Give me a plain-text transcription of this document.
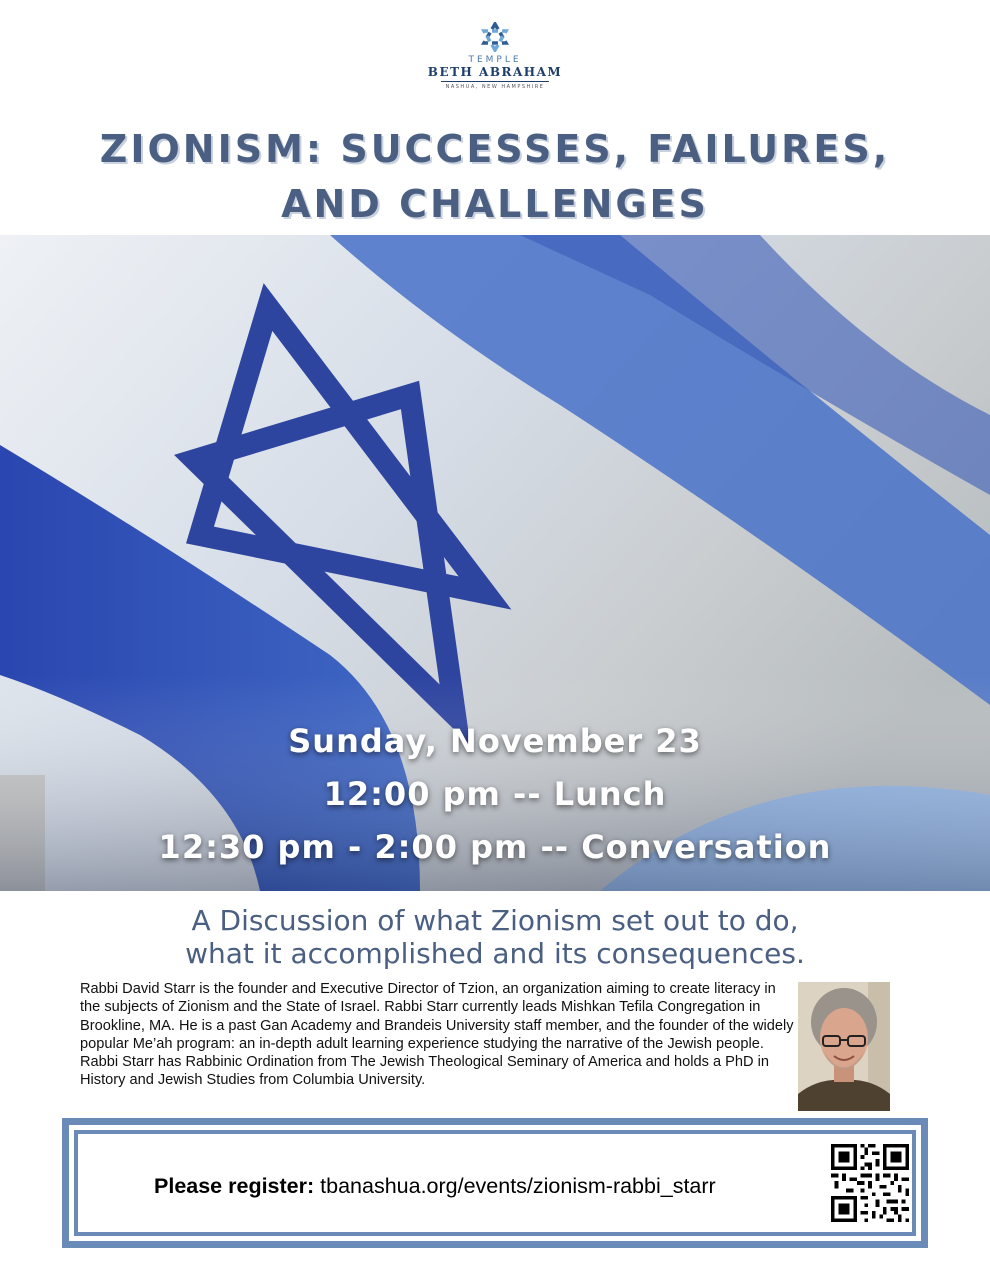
TEMPLE
BETH ABRAHAM
NASHUA, NEW HAMPSHIRE
ZIONISM: SUCCESSES, FAILURES,
AND CHALLENGES
Sunday, November 23
12:00 pm -- Lunch
12:30 pm - 2:00 pm -- Conversation
A Discussion of what Zionism set out to do,
what it accomplished and its consequences.
Rabbi David Starr is the founder and Executive Director of Tzion, an organization aiming to create literacy in the subjects of Zionism and the State of Israel. Rabbi Starr currently leads Mishkan Tefila Congregation in Brookline, MA. He is a past Gan Academy and Brandeis University staff member, and the founder of the widely popular Me’ah program: an in-depth adult learning experience studying the narrative of the Jewish people. Rabbi Starr has Rabbinic Ordination from The Jewish Theological Seminary of America and holds a PhD in History and Jewish Studies from Columbia University.
Please register: tbanashua.org/events/zionism-rabbi_starr
